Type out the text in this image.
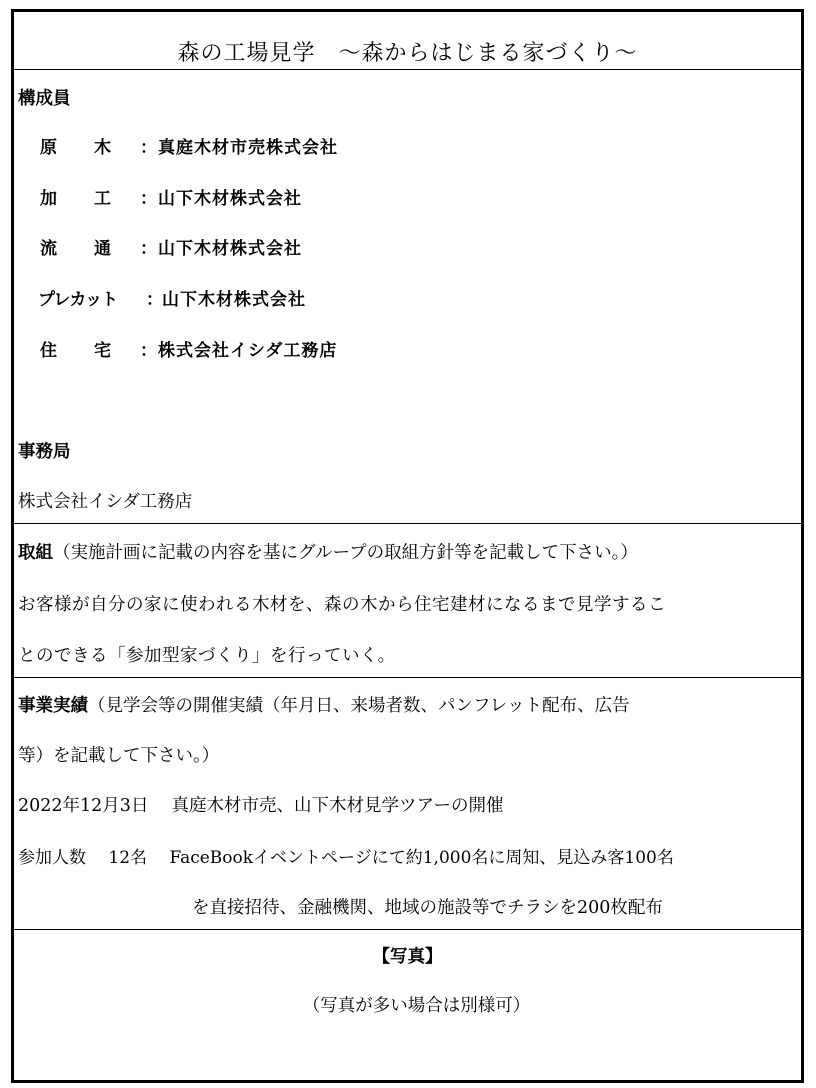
森の工場見学　～森からはじまる家づくり～
構成員
原　　木 ：真庭木材市売株式会社
加　　工 ：山下木材株式会社
流　　通 ：山下木材株式会社
プレカット ：山下木材株式会社
住　　宅 ：株式会社イシダ工務店
事務局
株式会社イシダ工務店
取組（実施計画に記載の内容を基にグループの取組方針等を記載して下さい。）
お客様が自分の家に使われる木材を、森の木から住宅建材になるまで見学するこ
とのできる「参加型家づくり」を行っていく。
事業実績（見学会等の開催実績（年月日、来場者数、パンフレット配布、広告
等）を記載して下さい。）
2022年12月3日　 真庭木材市売、山下木材見学ツアーの開催
参加人数　 12名　 FaceBookイベントページにて約1,000名に周知、見込み客100名
を直接招待、金融機関、地域の施設等でチラシを200枚配布
【写真】
（写真が多い場合は別様可）
